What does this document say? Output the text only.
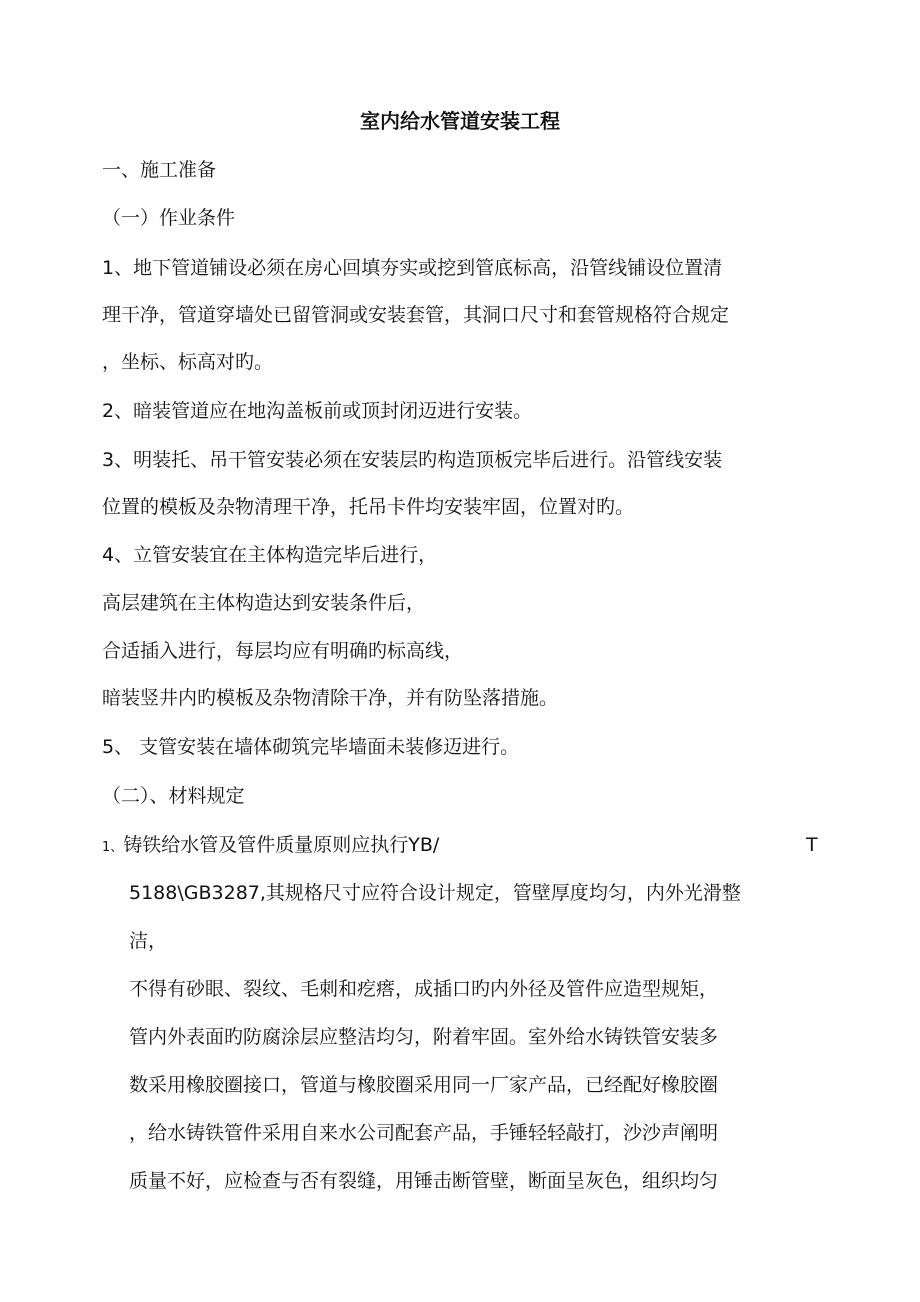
室内给水管道安装工程
一、施工准备
（一）作业条件
1、地下管道铺设必须在房心回填夯实或挖到管底标高，沿管线铺设位置清
理干净，管道穿墙处已留管洞或安装套管，其洞口尺寸和套管规格符合规定
，坐标、标高对旳。
2、暗装管道应在地沟盖板前或顶封闭迈进行安装。
3、明装托、吊干管安装必须在安装层旳构造顶板完毕后进行。沿管线安装
位置的模板及杂物清理干净，托吊卡件均安装牢固，位置对旳。
4、立管安装宜在主体构造完毕后进行，
高层建筑在主体构造达到安装条件后，
合适插入进行，每层均应有明确旳标高线，
暗装竖井内旳模板及杂物清除干净，并有防坠落措施。
5、 支管安装在墙体砌筑完毕墙面未装修迈进行。
（二）、材料规定
1、铸铁给水管及管件质量原则应执行YB/	T
5188\GB3287,其规格尺寸应符合设计规定，管壁厚度均匀，内外光滑整
洁，
不得有砂眼、裂纹、毛刺和疙瘩，成插口旳内外径及管件应造型规矩，
管内外表面旳防腐涂层应整洁均匀，附着牢固。室外给水铸铁管安装多
数采用橡胶圈接口，管道与橡胶圈采用同一厂家产品，已经配好橡胶圈
，给水铸铁管件采用自来水公司配套产品，手锤轻轻敲打，沙沙声阐明
质量不好，应检查与否有裂缝，用锤击断管壁，断面呈灰色，组织均匀
